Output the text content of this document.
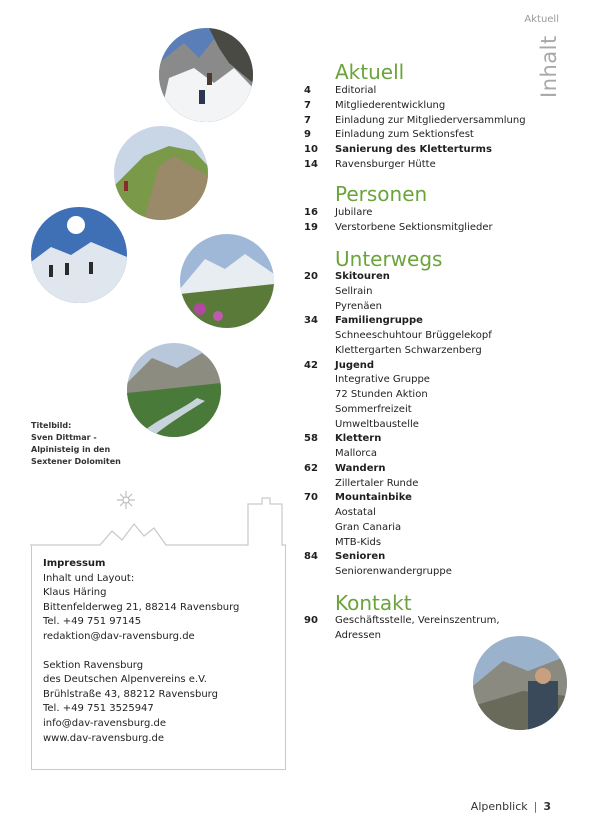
Aktuell
Inhalt
Titelbild:
Sven Dittmar -
Alpinisteig in den
Sextener Dolomiten
Impressum
Inhalt und Layout:
Klaus Häring
Bittenfelderweg 21, 88214 Ravensburg
Tel. +49 751 97145
redaktion@dav-ravensburg.de
Sektion Ravensburg
des Deutschen Alpenvereins e.V.
Brühlstraße 43, 88212 Ravensburg
Tel. +49 751 3525947
info@dav-ravensburg.de
www.dav-ravensburg.de
Aktuell
Personen
Unterwegs
Kontakt
4 Editorial
7 Mitgliederentwicklung
7 Einladung zur Mitgliederversammlung
9 Einladung zum Sektionsfest
10 Sanierung des Kletterturms
14 Ravensburger Hütte
16 Jubilare
19 Verstorbene Sektionsmitglieder
20 Skitouren
Sellrain
Pyrenäen
34 Familiengruppe
Schneeschuhtour Brüggelekopf
Klettergarten Schwarzenberg
42 Jugend
Integrative Gruppe
72 Stunden Aktion
Sommerfreizeit
Umweltbaustelle
58 Klettern
Mallorca
62 Wandern
Zillertaler Runde
70 Mountainbike
Aostatal
Gran Canaria
MTB-Kids
84 Senioren
Seniorenwandergruppe
90 Geschäftsstelle, Vereinszentrum,
Adressen
Alpenblick | 3
